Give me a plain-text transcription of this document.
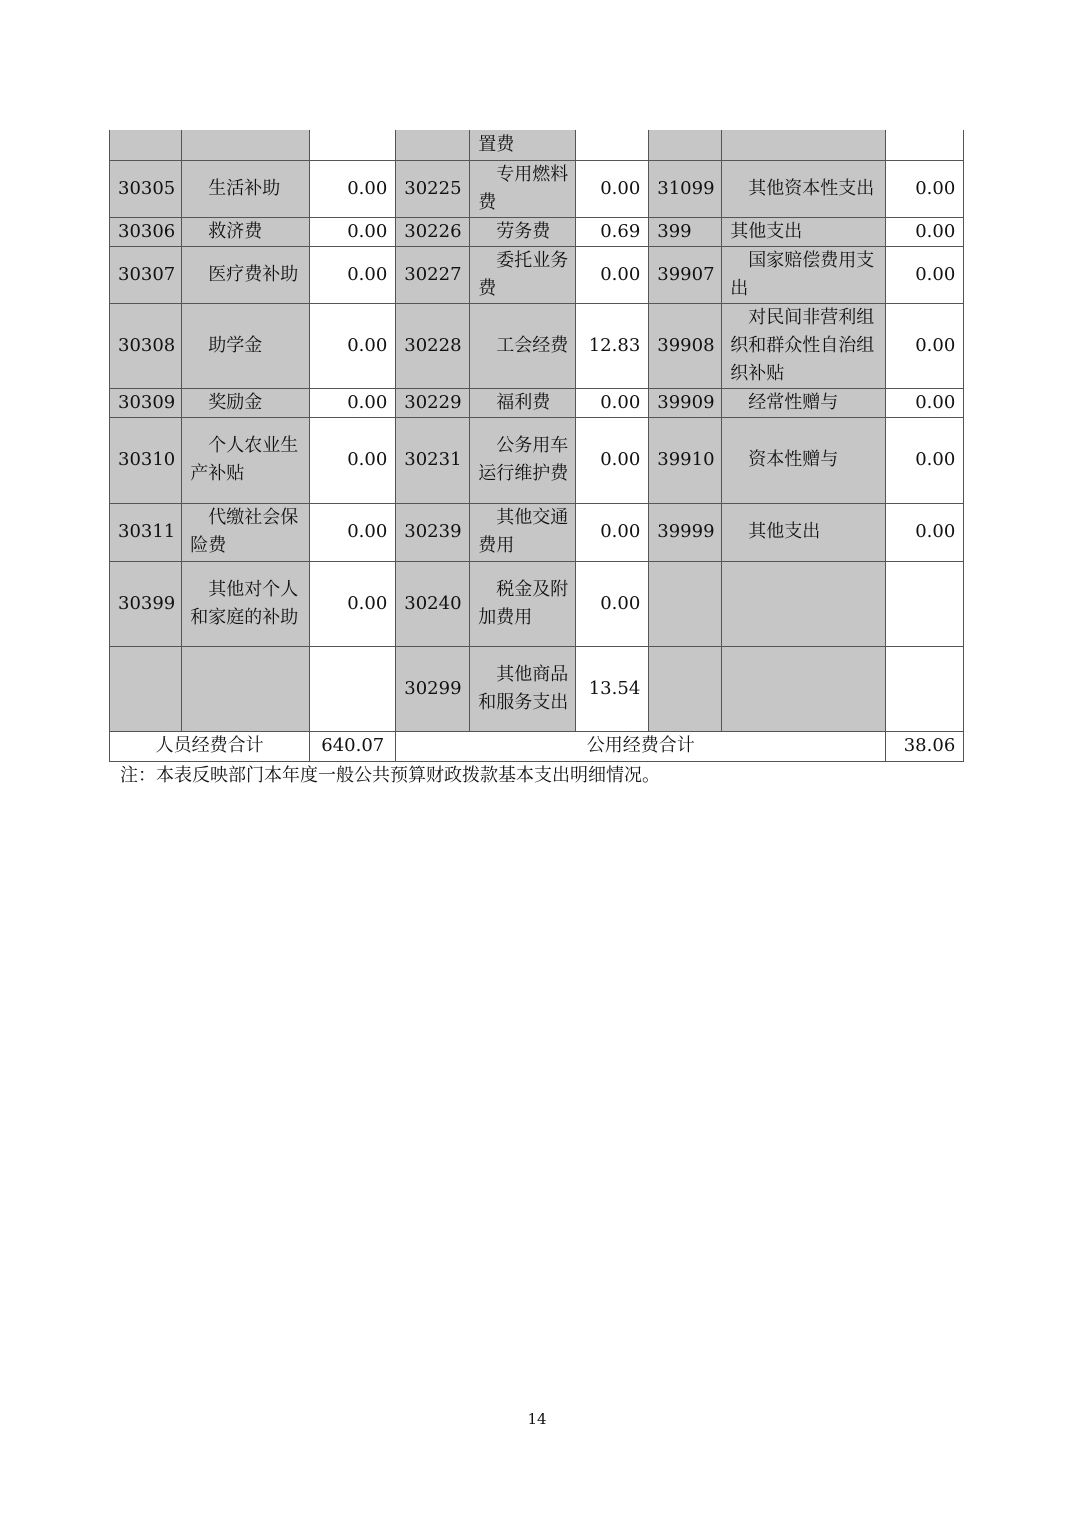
				置费				
30305	　生活补助	0.00	30225	　专用燃料费	0.00	31099	　其他资本性支出	0.00
30306	　救济费	0.00	30226	　劳务费	0.69	399	其他支出	0.00
30307	　医疗费补助	0.00	30227	　委托业务费	0.00	39907	　国家赔偿费用支出	0.00
30308	　助学金	0.00	30228	　工会经费	12.83	39908	　对民间非营利组织和群众性自治组织补贴	0.00
30309	　奖励金	0.00	30229	　福利费	0.00	39909	　经常性赠与	0.00
30310	　个人农业生产补贴	0.00	30231	　公务用车运行维护费	0.00	39910	　资本性赠与	0.00
30311	　代缴社会保险费	0.00	30239	　其他交通费用	0.00	39999	　其他支出	0.00
30399	　其他对个人和家庭的补助	0.00	30240	　税金及附加费用	0.00			
			30299	　其他商品和服务支出	13.54			
人员经费合计		640.07	公用经费合计					38.06
注：本表反映部门本年度一般公共预算财政拨款基本支出明细情况。
14
